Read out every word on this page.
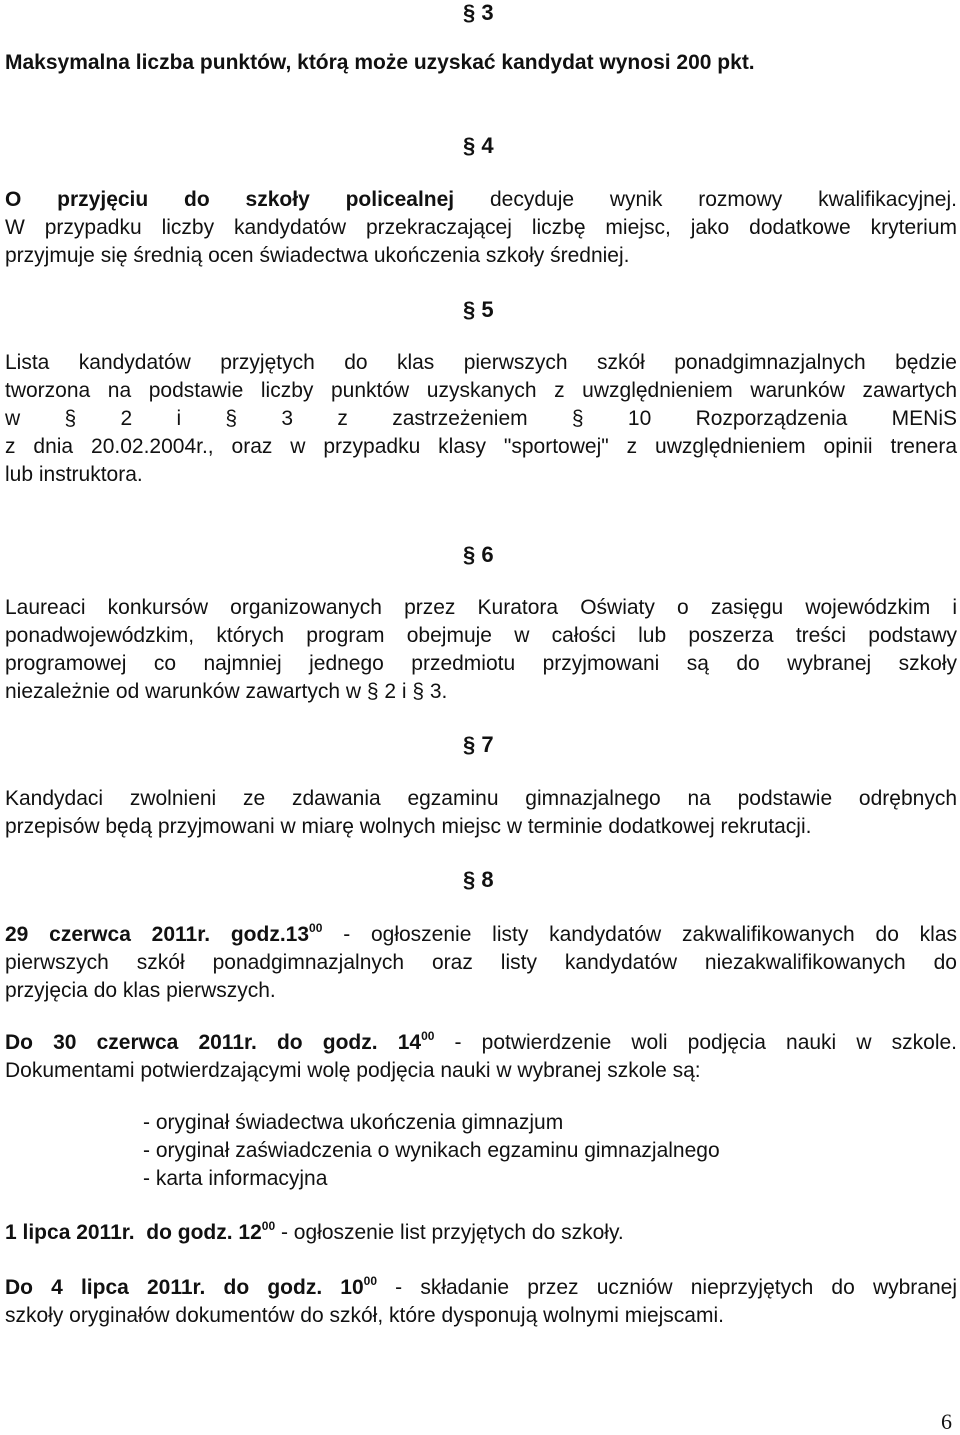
§ 3
Maksymalna liczba punktów, którą może uzyskać kandydat wynosi 200 pkt.
§ 4
O przyjęciu do szkoły policealnej decyduje wynik rozmowy kwalifikacyjnej.
W przypadku liczby kandydatów przekraczającej liczbę miejsc, jako dodatkowe kryterium
przyjmuje się średnią ocen świadectwa ukończenia szkoły średniej.
§ 5
Lista kandydatów przyjętych do klas pierwszych szkół ponadgimnazjalnych będzie
tworzona na podstawie liczby punktów uzyskanych z uwzględnieniem warunków zawartych
w § 2 i § 3 z zastrzeżeniem § 10 Rozporządzenia MENiS
z dnia 20.02.2004r., oraz w przypadku klasy "sportowej" z uwzględnieniem opinii trenera
lub instruktora.
§ 6
Laureaci konkursów organizowanych przez Kuratora Oświaty o zasięgu wojewódzkim i
ponadwojewódzkim, których program obejmuje w całości lub poszerza treści podstawy
programowej co najmniej jednego przedmiotu przyjmowani są do wybranej szkoły
niezależnie od warunków zawartych w § 2 i § 3.
§ 7
Kandydaci zwolnieni ze zdawania egzaminu gimnazjalnego na podstawie odrębnych
przepisów będą przyjmowani w miarę wolnych miejsc w terminie dodatkowej rekrutacji.
§ 8
29 czerwca 2011r. $godz.13^{00}$ - ogłoszenie listy kandydatów zakwalifikowanych do klas
pierwszych szkół ponadgimnazjalnych oraz listy kandydatów niezakwalifikowanych do
przyjęcia do klas pierwszych.
Do 30 czerwca 2011r. do godz. $14^{00}$ - potwierdzenie woli podjęcia nauki w szkole.
Dokumentami potwierdzającymi wolę podjęcia nauki w wybranej szkole są:
- oryginał świadectwa ukończenia gimnazjum
- oryginał zaświadczenia o wynikach egzaminu gimnazjalnego
- karta informacyjna
1 lipca 2011r.  do godz. $12^{00}$ - ogłoszenie list przyjętych do szkoły.
Do 4 lipca 2011r. do godz. $10^{00}$ - składanie przez uczniów nieprzyjętych do wybranej
szkoły oryginałów dokumentów do szkół, które dysponują wolnymi miejscami.
6
